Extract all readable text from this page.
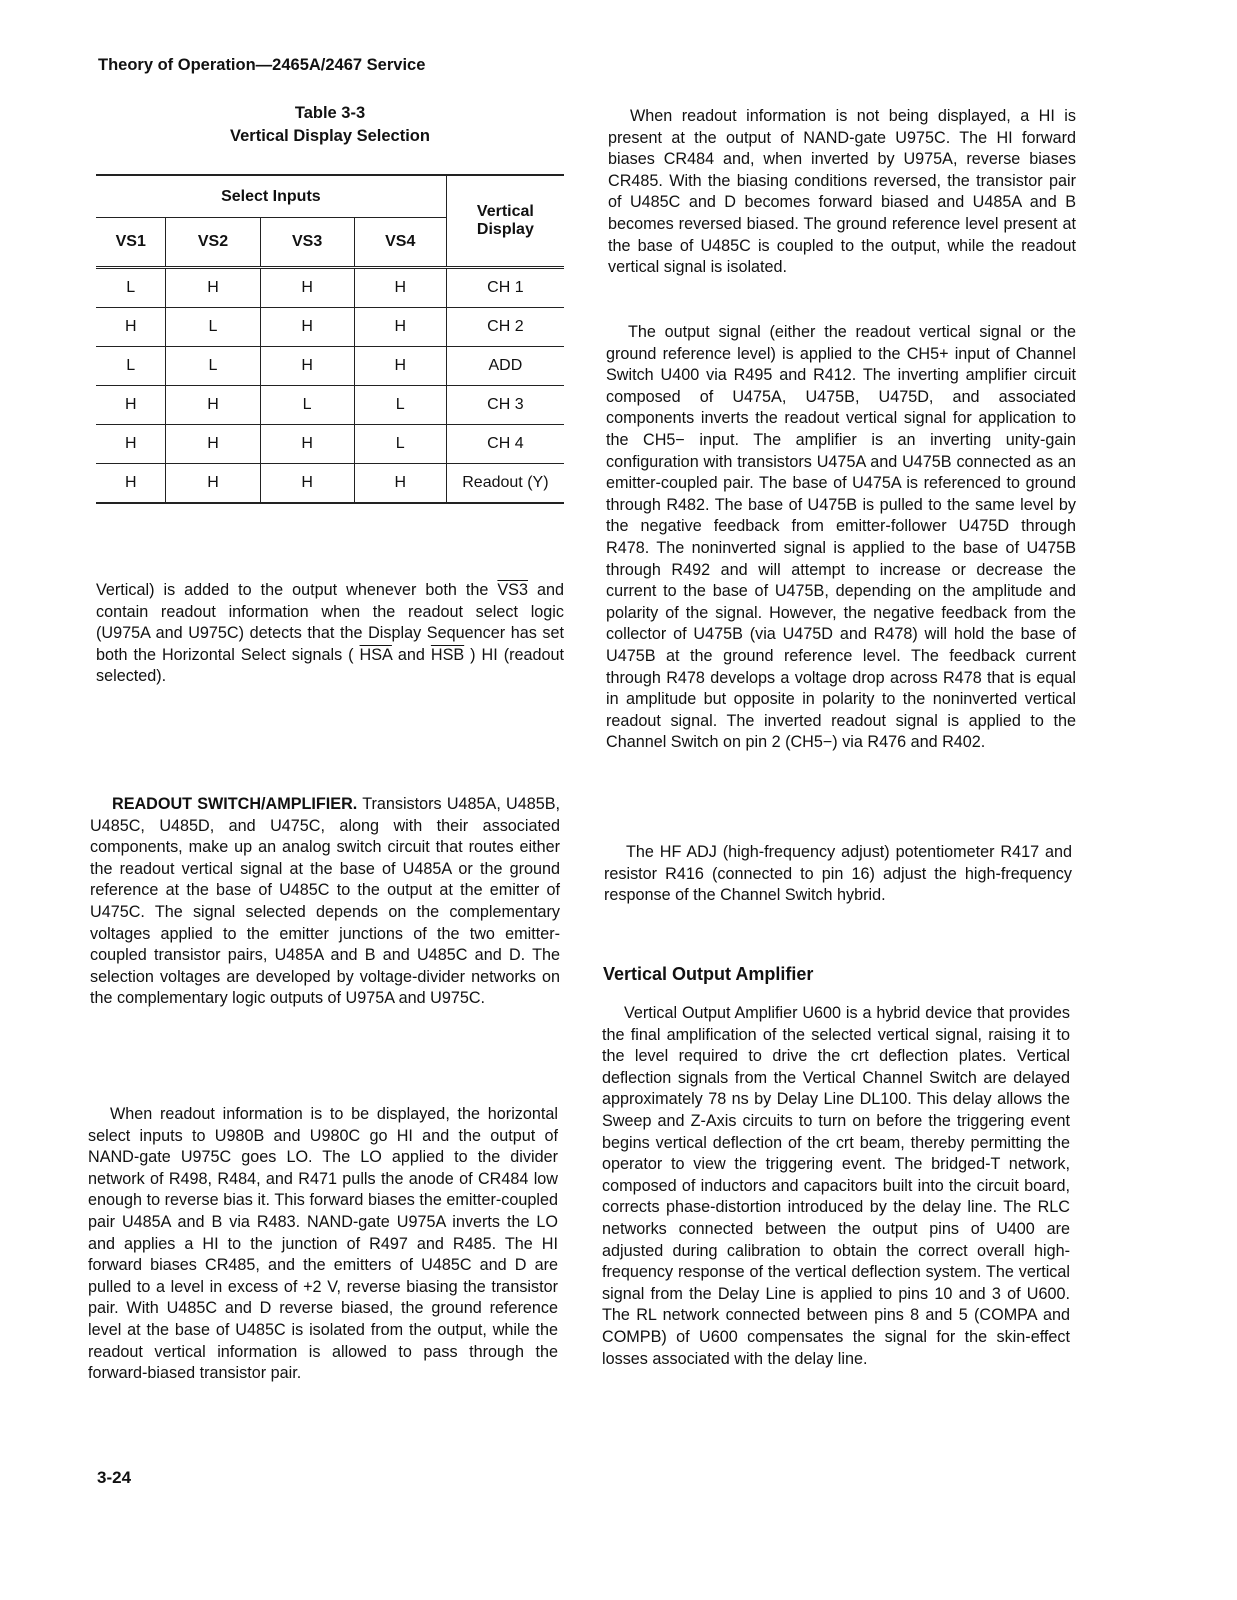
Theory of Operation—2465A/2467 Service
Table 3-3
Vertical Display Selection
Select Inputs				Vertical
Display

VS1	VS2	VS3	VS4	
L	H	H	H	CH 1
H	L	H	H	CH 2
L	L	H	H	ADD
H	H	L	L	CH 3
H	H	H	L	CH 4
H	H	H	H	Readout (Y)
Vertical) is added to the output whenever both the VS3 and contain readout information when the readout select logic (U975A and U975C) detects that the Display Sequencer has set both the Horizontal Select signals ( $\overline{HSA}$ and $\overline{HSB}$ ) HI (readout selected).
READOUT SWITCH/AMPLIFIER. Transistors U485A, U485B, U485C, U485D, and U475C, along with their associated components, make up an analog switch circuit that routes either the readout vertical signal at the base of U485A or the ground reference at the base of U485C to the output at the emitter of U475C. The signal selected depends on the complementary voltages applied to the emitter junctions of the two emitter-coupled transistor pairs, U485A and B and U485C and D. The selection voltages are developed by voltage-divider networks on the complementary logic outputs of U975A and U975C.
When readout information is to be displayed, the horizontal select inputs to U980B and U980C go HI and the output of NAND-gate U975C goes LO. The LO applied to the divider network of R498, R484, and R471 pulls the anode of CR484 low enough to reverse bias it. This forward biases the emitter-coupled pair U485A and B via R483. NAND-gate U975A inverts the LO and applies a HI to the junction of R497 and R485. The HI forward biases CR485, and the emitters of U485C and D are pulled to a level in excess of +2 V, reverse biasing the transistor pair. With U485C and D reverse biased, the ground reference level at the base of U485C is isolated from the output, while the readout vertical information is allowed to pass through the forward-biased transistor pair.
When readout information is not being displayed, a HI is present at the output of NAND-gate U975C. The HI forward biases CR484 and, when inverted by U975A, reverse biases CR485. With the biasing conditions reversed, the transistor pair of U485C and D becomes forward biased and U485A and B becomes reversed biased. The ground reference level present at the base of U485C is coupled to the output, while the readout vertical signal is isolated.
The output signal (either the readout vertical signal or the ground reference level) is applied to the CH5+ input of Channel Switch U400 via R495 and R412. The inverting amplifier circuit composed of U475A, U475B, U475D, and associated components inverts the readout vertical signal for application to the CH5− input. The amplifier is an inverting unity-gain configuration with transistors U475A and U475B connected as an emitter-coupled pair. The base of U475A is referenced to ground through R482. The base of U475B is pulled to the same level by the negative feedback from emitter-follower U475D through R478. The noninverted signal is applied to the base of U475B through R492 and will attempt to increase or decrease the current to the base of U475B, depending on the amplitude and polarity of the signal. However, the negative feedback from the collector of U475B (via U475D and R478) will hold the base of U475B at the ground reference level. The feedback current through R478 develops a voltage drop across R478 that is equal in amplitude but opposite in polarity to the noninverted vertical readout signal. The inverted readout signal is applied to the Channel Switch on pin 2 (CH5−) via R476 and R402.
The HF ADJ (high-frequency adjust) potentiometer R417 and resistor R416 (connected to pin 16) adjust the high-frequency response of the Channel Switch hybrid.
Vertical Output Amplifier
Vertical Output Amplifier U600 is a hybrid device that provides the final amplification of the selected vertical signal, raising it to the level required to drive the crt deflection plates. Vertical deflection signals from the Vertical Channel Switch are delayed approximately 78 ns by Delay Line DL100. This delay allows the Sweep and Z-Axis circuits to turn on before the triggering event begins vertical deflection of the crt beam, thereby permitting the operator to view the triggering event. The bridged-T network, composed of inductors and capacitors built into the circuit board, corrects phase-distortion introduced by the delay line. The RLC networks connected between the output pins of U400 are adjusted during calibration to obtain the correct overall high-frequency response of the vertical deflection system. The vertical signal from the Delay Line is applied to pins 10 and 3 of U600. The RL network connected between pins 8 and 5 (COMPA and COMPB) of U600 compensates the signal for the skin-effect losses associated with the delay line.
3-24
